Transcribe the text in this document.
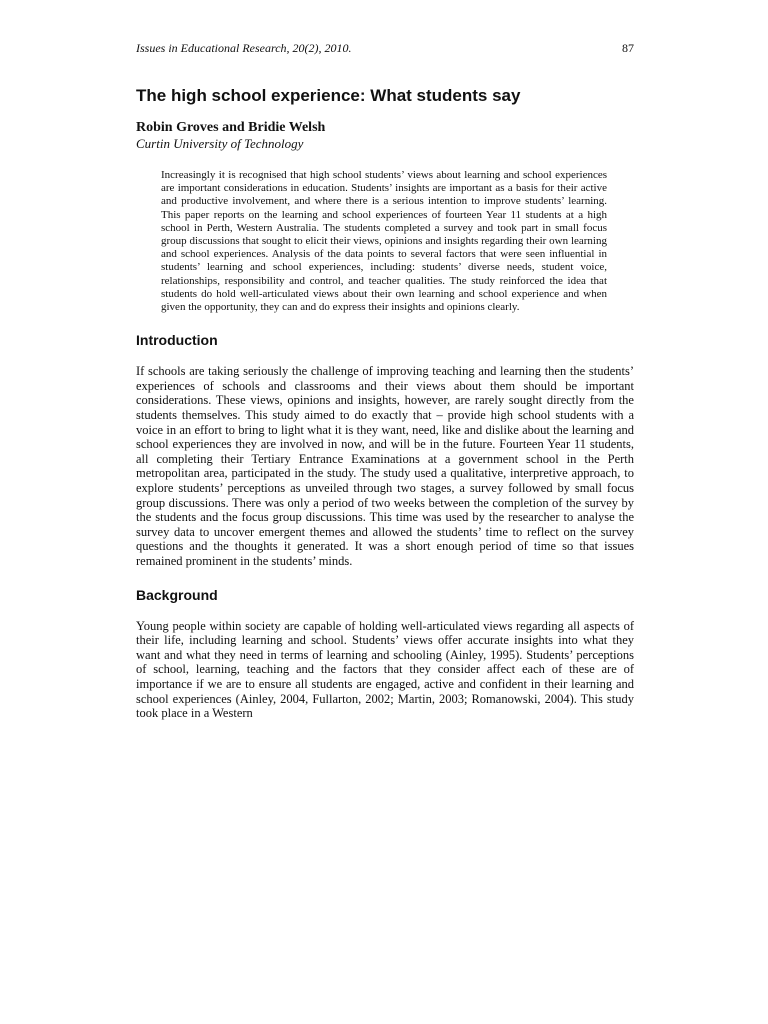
Issues in Educational Research, 20(2), 2010.	87
The high school experience: What students say
Robin Groves and Bridie Welsh
Curtin University of Technology

Increasingly it is recognised that high school students’ views about learning and school experiences are important considerations in education. Students’ insights are important as a basis for their active and productive involvement, and where there is a serious intention to improve students’ learning. This paper reports on the learning and school experiences of fourteen Year 11 students at a high school in Perth, Western Australia. The students completed a survey and took part in small focus group discussions that sought to elicit their views, opinions and insights regarding their own learning and school experiences. Analysis of the data points to several factors that were seen influential in students’ learning and school experiences, including: students’ diverse needs, student voice, relationships, responsibility and control, and teacher qualities. The study reinforced the idea that students do hold well-articulated views about their own learning and school experience and when given the opportunity, they can and do express their insights and opinions clearly.

Introduction

If schools are taking seriously the challenge of improving teaching and learning then the students’ experiences of schools and classrooms and their views about them should be important considerations. These views, opinions and insights, however, are rarely sought directly from the students themselves. This study aimed to do exactly that – provide high school students with a voice in an effort to bring to light what it is they want, need, like and dislike about the learning and school experiences they are involved in now, and will be in the future. Fourteen Year 11 students, all completing their Tertiary Entrance Examinations at a government school in the Perth metropolitan area, participated in the study. The study used a qualitative, interpretive approach, to explore students’ perceptions as unveiled through two stages, a survey followed by small focus group discussions. There was only a period of two weeks between the completion of the survey by the students and the focus group discussions. This time was used by the researcher to analyse the survey data to uncover emergent themes and allowed the students’ time to reflect on the survey questions and the thoughts it generated. It was a short enough period of time so that issues remained prominent in the students’ minds.

Background

Young people within society are capable of holding well-articulated views regarding all aspects of their life, including learning and school. Students’ views offer accurate insights into what they want and what they need in terms of learning and schooling (Ainley, 1995). Students’ perceptions of school, learning, teaching and the factors that they consider affect each of these are of importance if we are to ensure all students are engaged, active and confident in their learning and school experiences (Ainley, 2004, Fullarton, 2002; Martin, 2003; Romanowski, 2004). This study took place in a Western
